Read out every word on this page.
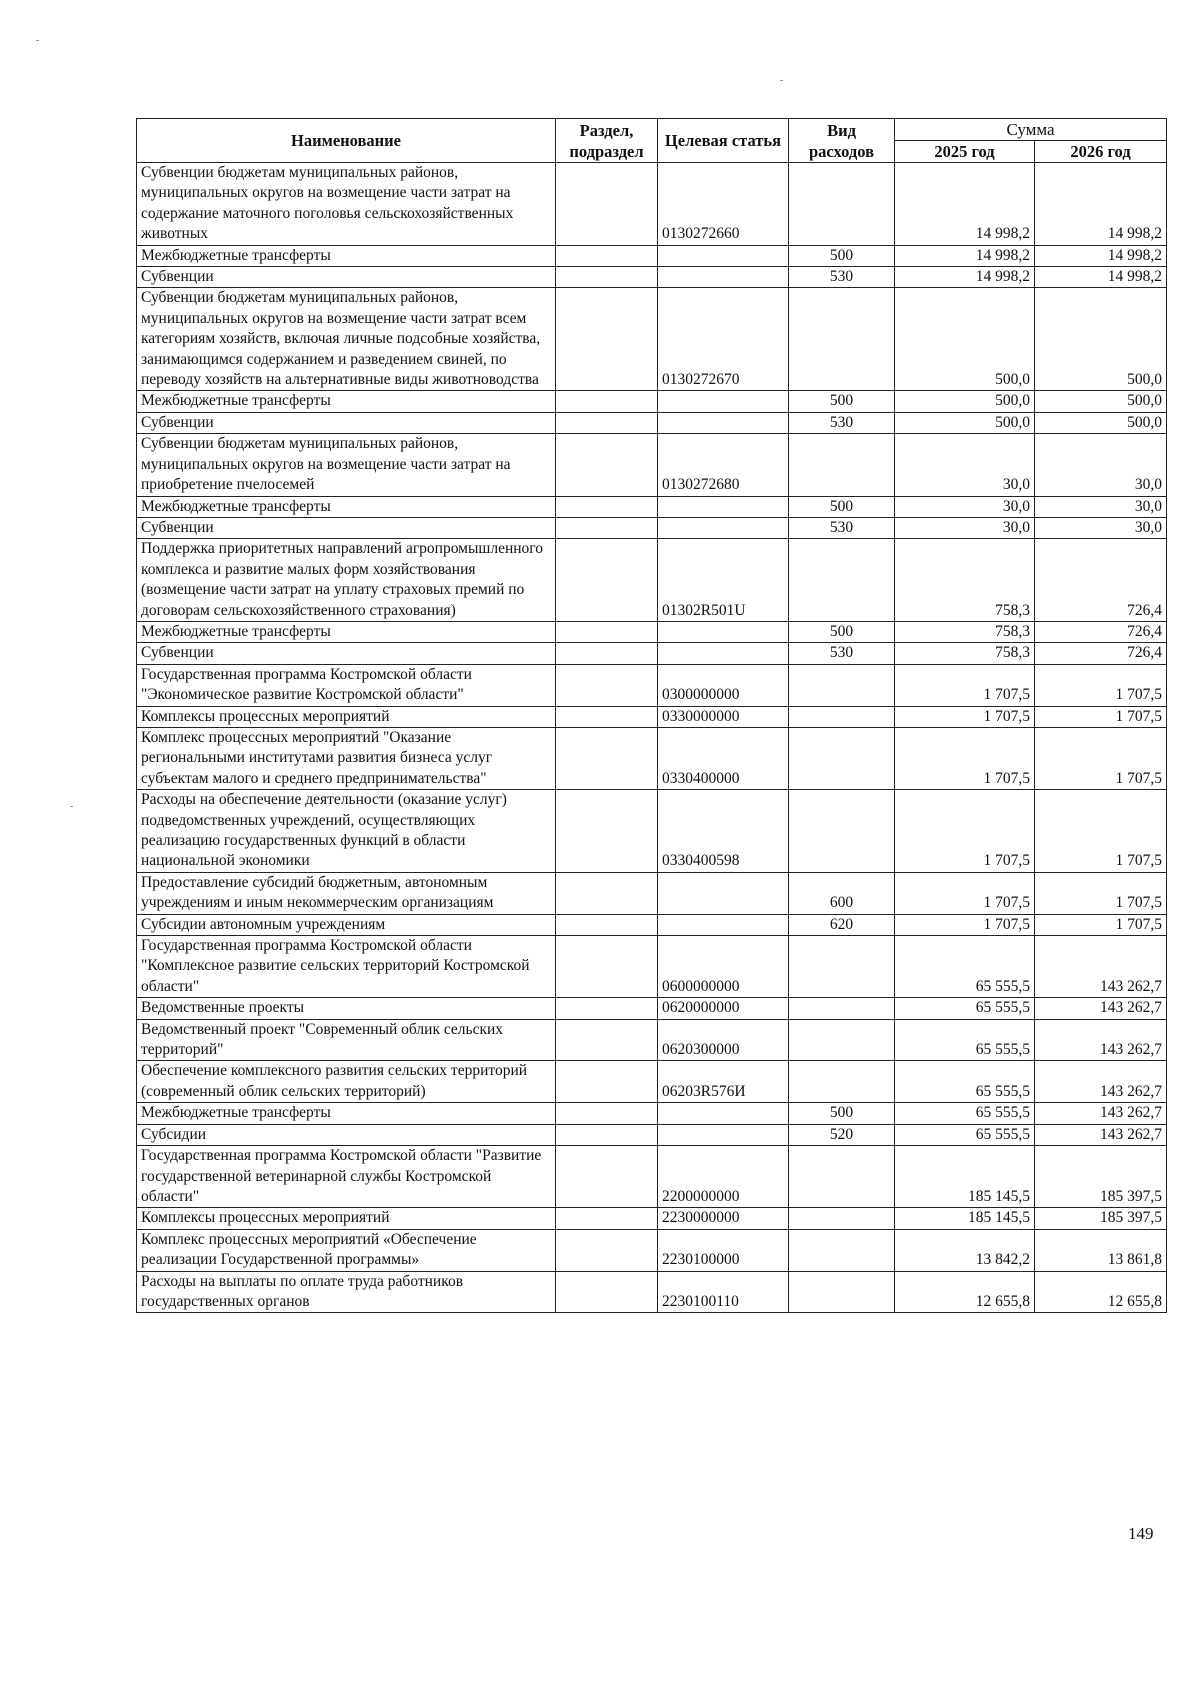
Наименование	Раздел, подраздел	Целевая статья	Вид расходов	Сумма	
				2025 год	2026 год
Субвенции бюджетам муниципальных районов, муниципальных округов на возмещение части затрат на содержание маточного поголовья сельскохозяйственных животных		0130272660		14 998,2	14 998,2
Межбюджетные трансферты			500	14 998,2	14 998,2
Субвенции			530	14 998,2	14 998,2
Субвенции бюджетам муниципальных районов, муниципальных округов на возмещение части затрат всем категориям хозяйств, включая личные подсобные хозяйства, занимающимся содержанием и разведением свиней, по переводу хозяйств на альтернативные виды животноводства		0130272670		500,0	500,0
Межбюджетные трансферты			500	500,0	500,0
Субвенции			530	500,0	500,0
Субвенции бюджетам муниципальных районов, муниципальных округов на возмещение части затрат на приобретение пчелосемей		0130272680		30,0	30,0
Межбюджетные трансферты			500	30,0	30,0
Субвенции			530	30,0	30,0
Поддержка приоритетных направлений агропромышленного комплекса и развитие малых форм хозяйствования (возмещение части затрат на уплату страховых премий по договорам сельскохозяйственного страхования)		01302R501U		758,3	726,4
Межбюджетные трансферты			500	758,3	726,4
Субвенции			530	758,3	726,4
Государственная программа Костромской области "Экономическое развитие Костромской области"		0300000000		1 707,5	1 707,5
Комплексы процессных мероприятий		0330000000		1 707,5	1 707,5
Комплекс процессных мероприятий "Оказание региональными институтами развития бизнеса услуг субъектам малого и среднего предпринимательства"		0330400000		1 707,5	1 707,5
Расходы на обеспечение деятельности (оказание услуг) подведомственных учреждений, осуществляющих реализацию государственных функций в области национальной экономики		0330400598		1 707,5	1 707,5
Предоставление субсидий бюджетным, автономным учреждениям и иным некоммерческим организациям			600	1 707,5	1 707,5
Субсидии автономным учреждениям			620	1 707,5	1 707,5
Государственная программа Костромской области "Комплексное развитие сельских территорий Костромской области"		0600000000		65 555,5	143 262,7
Ведомственные проекты		0620000000		65 555,5	143 262,7
Ведомственный проект "Современный облик сельских территорий"		0620300000		65 555,5	143 262,7
Обеспечение комплексного развития сельских территорий (современный облик сельских территорий)		06203R576И		65 555,5	143 262,7
Межбюджетные трансферты			500	65 555,5	143 262,7
Субсидии			520	65 555,5	143 262,7
Государственная программа Костромской области "Развитие государственной ветеринарной службы Костромской области"		2200000000		185 145,5	185 397,5
Комплексы процессных мероприятий		2230000000		185 145,5	185 397,5
Комплекс процессных мероприятий «Обеспечение реализации Государственной программы»		2230100000		13 842,2	13 861,8
Расходы на выплаты по оплате труда работников государственных органов		2230100110		12 655,8	12 655,8
149
